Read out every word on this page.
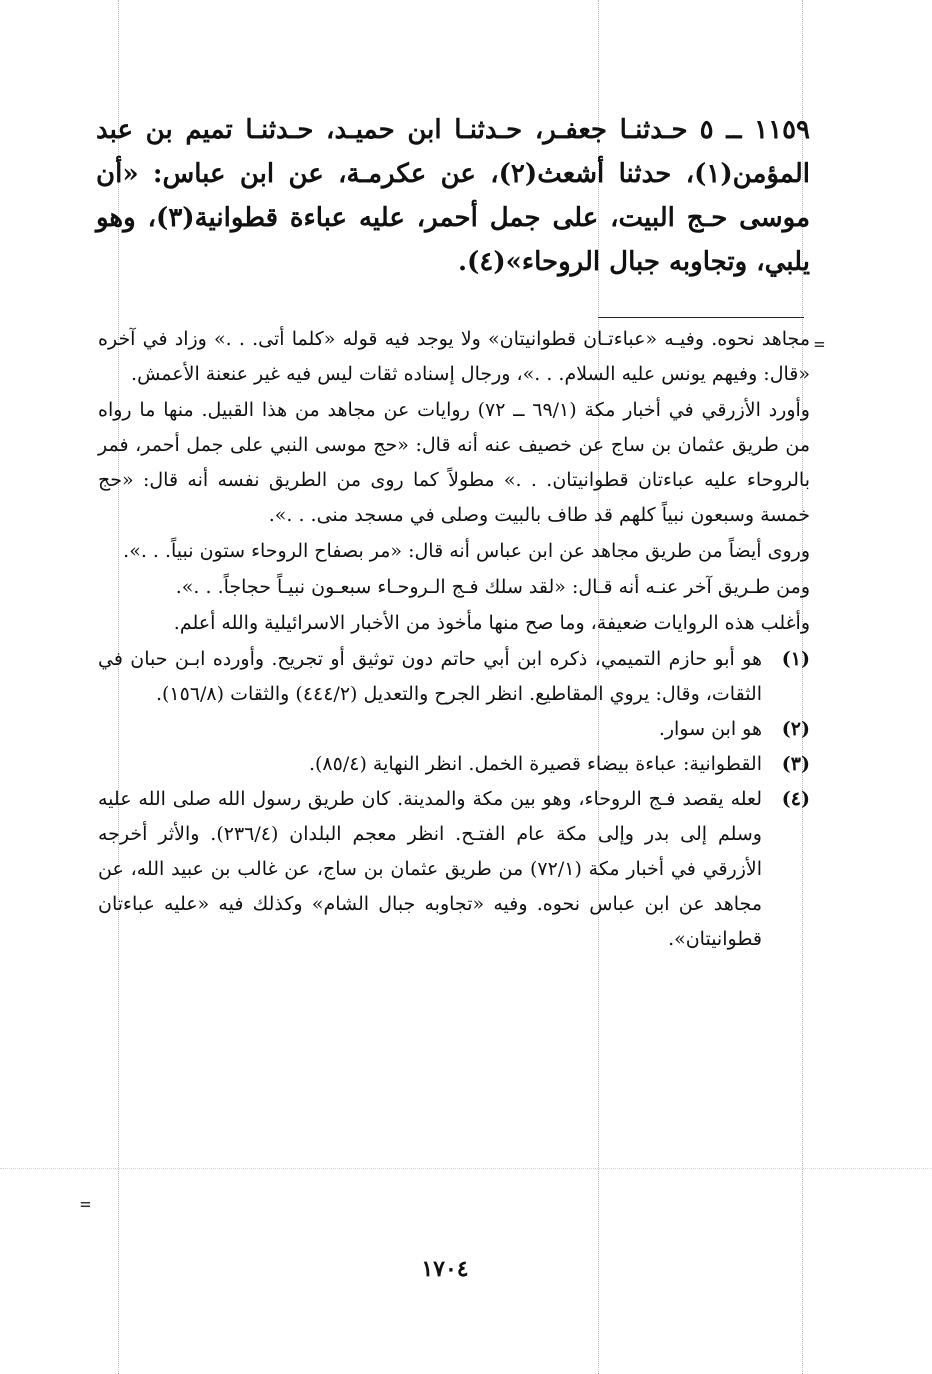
١١٥٩ ــ ٥حـدثنـا جعفـر، حـدثنـا ابن حميـد، حـدثنـا تميم بن عبد المؤمن(١)، حدثنا أشعث(٢)، عن عكرمـة، عن ابن عباس: «أن موسى حـج البيت، على جمل أحمر، عليه عباءة قطوانية(٣)، وهو يلبي، وتجاوبه جبال الروحاء»(٤).
=

مجاهد نحوه. وفيـه «عباءتـان قطوانيتان» ولا يوجد فيه قوله «كلما أتى. . .» وزاد في آخره «قال: وفيهم يونس عليه السلام. . .»، ورجال إسناده ثقات ليس فيه غير عنعنة الأعمش.

وأورد الأزرقي في أخبار مكة (٦٩/١ ــ ٧٢) روايات عن مجاهد من هذا القبيل. منها ما رواه من طريق عثمان بن ساج عن خصيف عنه أنه قال: «حج موسى النبي على جمل أحمر، فمر بالروحاء عليه عباءتان قطوانيتان. . .» مطولاً كما روى من الطريق نفسه أنه قال: «حج خمسة وسبعون نبياً كلهم قد طاف بالبيت وصلى في مسجد منى. . .».

وروى أيضاً من طريق مجاهد عن ابن عباس أنه قال: «مر بصفاح الروحاء ستون نبياً. . .».

ومن طـريق آخر عنـه أنه قـال: «لقد سلك فـج الـروحـاء سبعـون نبيـاً حجاجاً. . .».

وأغلب هذه الروايات ضعيفة، وما صح منها مأخوذ من الأخبار الاسرائيلية والله أعلم.

(١)
هو أبو حازم التميمي، ذكره ابن أبي حاتم دون توثيق أو تجريح. وأورده ابـن حبان في الثقات، وقال: يروي المقاطيع. انظر الجرح والتعديل (٤٤٤/٢) والثقات (١٥٦/٨).
(٢)
هو ابن سوار.
(٣)
القطوانية: عباءة بيضاء قصيرة الخمل. انظر النهاية (٨٥/٤).
(٤)
لعله يقصد فـج الروحاء، وهو بين مكة والمدينة. كان طريق رسول الله صلى الله عليه وسلم إلى بدر وإلى مكة عام الفتـح. انظر معجم البلدان (٢٣٦/٤). والأثر أخرجه الأزرقي في أخبار مكة (٧٢/١) من طريق عثمان بن ساج، عن غالب بن عبيد الله، عن مجاهد عن ابن عباس نحوه. وفيه «تجاوبه جبال الشام» وكذلك فيه «عليه عباءتان قطوانيتان».
=
١٧٠٤
